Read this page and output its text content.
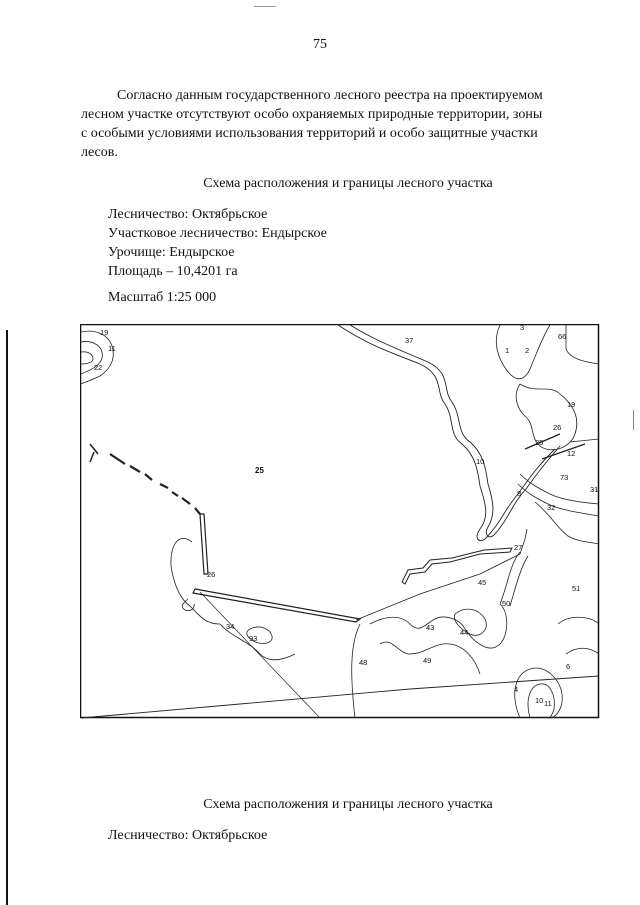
75
Согласно данным государственного лесного реестра на проектируемом
лесном участке отсутствуют особо охраняемых природные территории, зоны
с особыми условиями использования территорий и особо защитные участки
лесов.
Схема расположения и границы лесного участка
Лесничество: Октябрьское
Участковое лесничество: Ендырское
Урочище: Ендырское
Площадь – 10,4201 га
Масштаб 1:25 000
19
11
22
37
1 2
3
66
19
26
25
25
10
8
12
73
31
32
26
27
45
51
50
34
93
43
44
48	49
6
4
10 11
Схема расположения и границы лесного участка
Лесничество: Октябрьское
